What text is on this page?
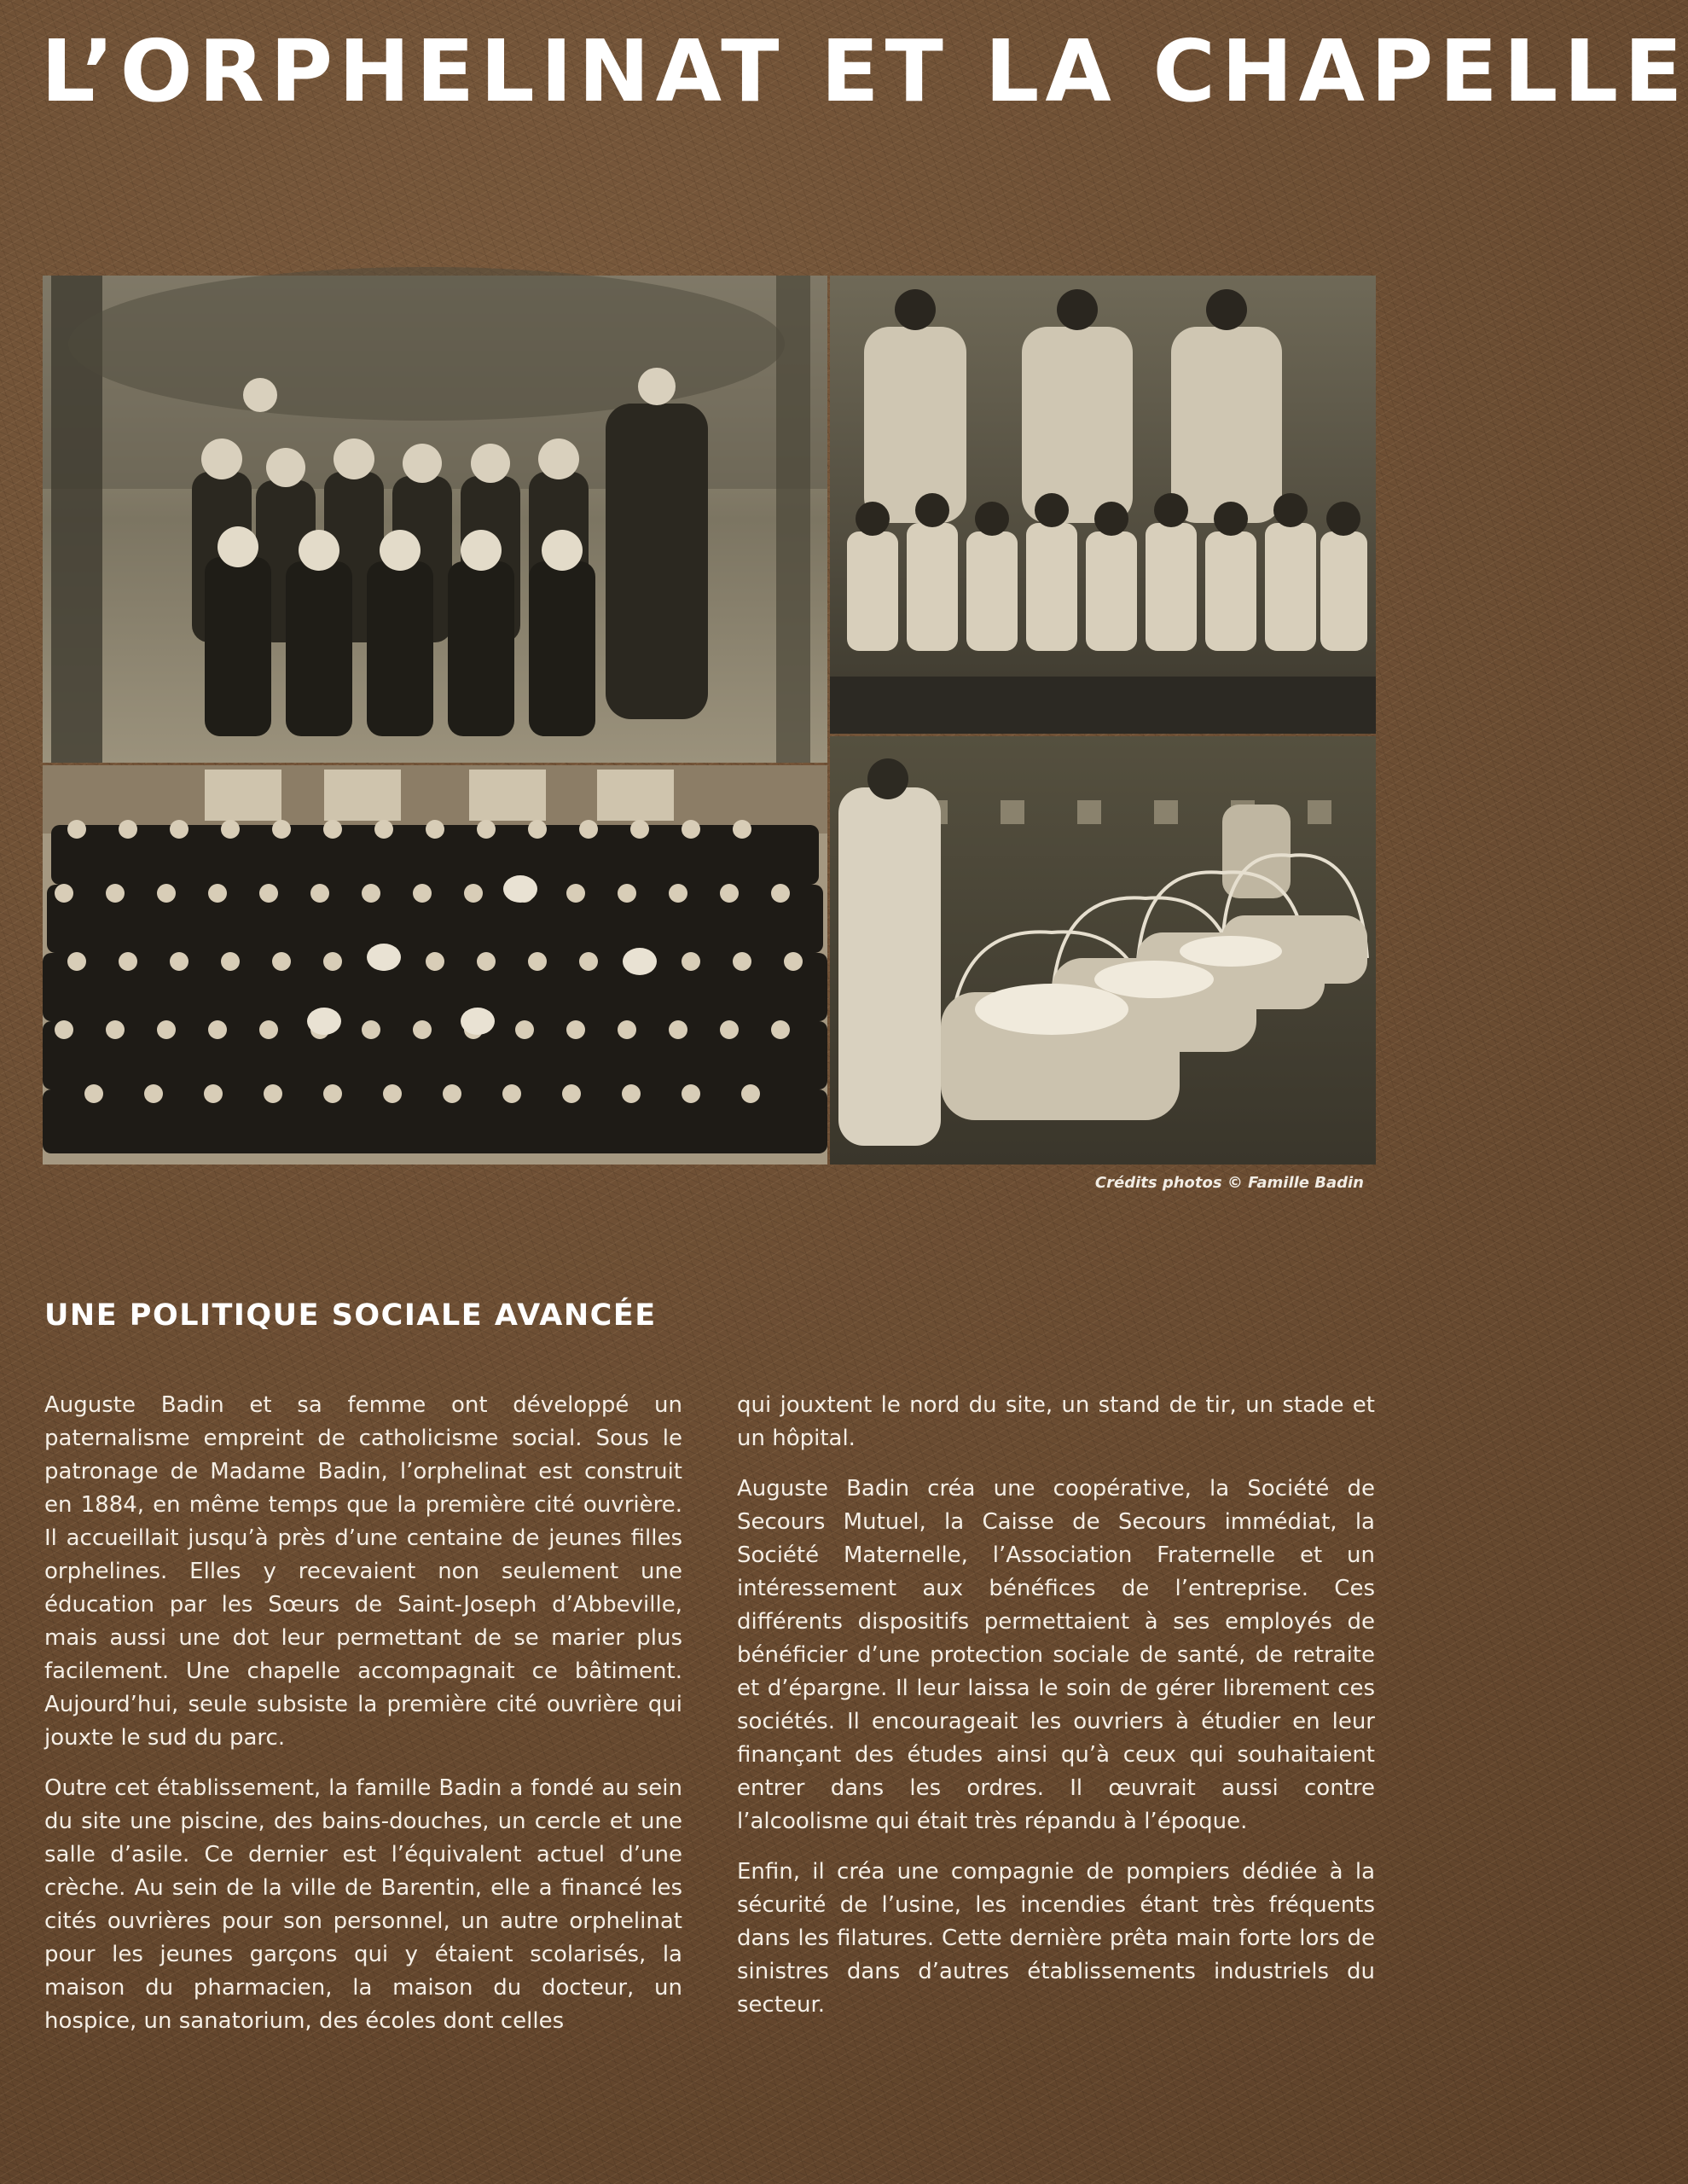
L’ORPHELINAT ET LA CHAPELLE
Crédits photos © Famille Badin
UNE POLITIQUE SOCIALE AVANCÉE

Auguste Badin et sa femme ont développé un paternalisme empreint de catholicisme social. Sous le patronage de Madame Badin, l’orphelinat est construit en 1884, en même temps que la première cité ouvrière. Il accueillait jusqu’à près d’une centaine de jeunes filles orphelines. Elles y recevaient non seulement une éducation par les Sœurs de Saint-Joseph d’Abbeville, mais aussi une dot leur permettant de se marier plus facilement. Une chapelle accompagnait ce bâtiment. Aujourd’hui, seule subsiste la première cité ouvrière qui jouxte le sud du parc.

Outre cet établissement, la famille Badin a fondé au sein du site une piscine, des bains-douches, un cercle et une salle d’asile. Ce dernier est l’équivalent actuel d’une crèche. Au sein de la ville de Barentin, elle a financé les cités ouvrières pour son personnel, un autre orphelinat pour les jeunes garçons qui y étaient scolarisés, la maison du pharmacien, la maison du docteur, un hospice, un sanatorium, des écoles dont celles

qui jouxtent le nord du site, un stand de tir, un stade et un hôpital.

Auguste Badin créa une coopérative, la Société de Secours Mutuel, la Caisse de Secours immédiat, la Société Maternelle, l’Association Fraternelle et un intéressement aux bénéfices de l’entreprise. Ces différents dispositifs permettaient à ses employés de bénéficier d’une protection sociale de santé, de retraite et d’épargne. Il leur laissa le soin de gérer librement ces sociétés. Il encourageait les ouvriers à étudier en leur finançant des études ainsi qu’à ceux qui souhaitaient entrer dans les ordres. Il œuvrait aussi contre l’alcoolisme qui était très répandu à l’époque.

Enfin, il créa une compagnie de pompiers dédiée à la sécurité de l’usine, les incendies étant très fréquents dans les filatures. Cette dernière prêta main forte lors de sinistres dans d’autres établissements industriels du secteur.
